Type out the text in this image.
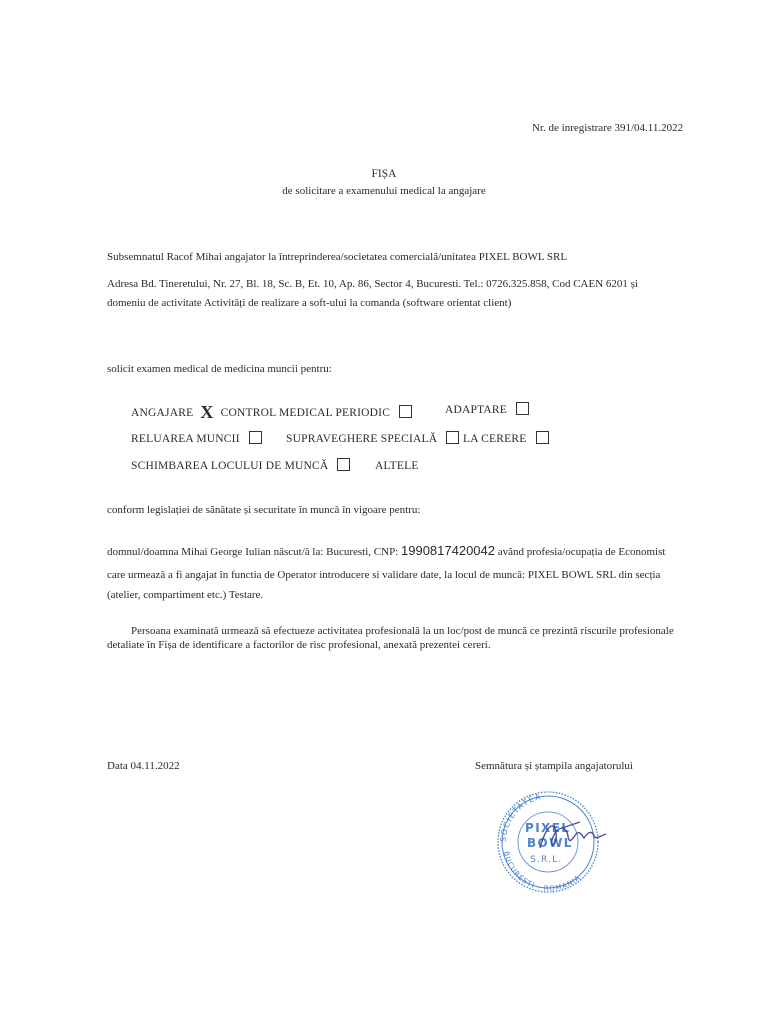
Nr. de inregistrare 391/04.11.2022
FIȘA
de solicitare a examenului medical la angajare
Subsemnatul Racof Mihai angajator la întreprinderea/societatea comercială/unitatea PIXEL BOWL SRL
Adresa Bd. Tineretului, Nr. 27, Bl. 18, Sc. B, Et. 10, Ap. 86, Sector 4, Bucuresti. Tel.: 0726.325.858, Cod CAEN 6201 și
domeniu de activitate Activități de realizare a soft-ului la comanda (software orientat client)
solicit examen medical de medicina muncii pentru:
ANGAJARE X CONTROL MEDICAL PERIODIC	ADAPTARE
RELUAREA MUNCII	SUPRAVEGHERE SPECIALĂ	LA CERERE
SCHIMBAREA LOCULUI DE MUNCĂ	ALTELE
conform legislației de sănătate și securitate în muncă în vigoare pentru:
domnul/doamna Mihai George Iulian născut/ă la: Bucuresti, CNP: 1990817420042 având profesia/ocupația de Economist
care urmează a fi angajat în functia de Operator introducere si validare date, la locul de muncă: PIXEL BOWL SRL din secția
(atelier, compartiment etc.) Testare.
Persoana examinată urmează să efectueze activitatea profesională la un loc/post de muncă ce prezintă riscurile profesionale
detaliate în Fișa de identificare a factorilor de risc profesional, anexată prezentei cereri.
Data 04.11.2022	Semnătura și ștampila angajatorului
SOCIETATEA
BUCURESTI - ROMANIA
PIXEL
BOWL
S.R.L.
